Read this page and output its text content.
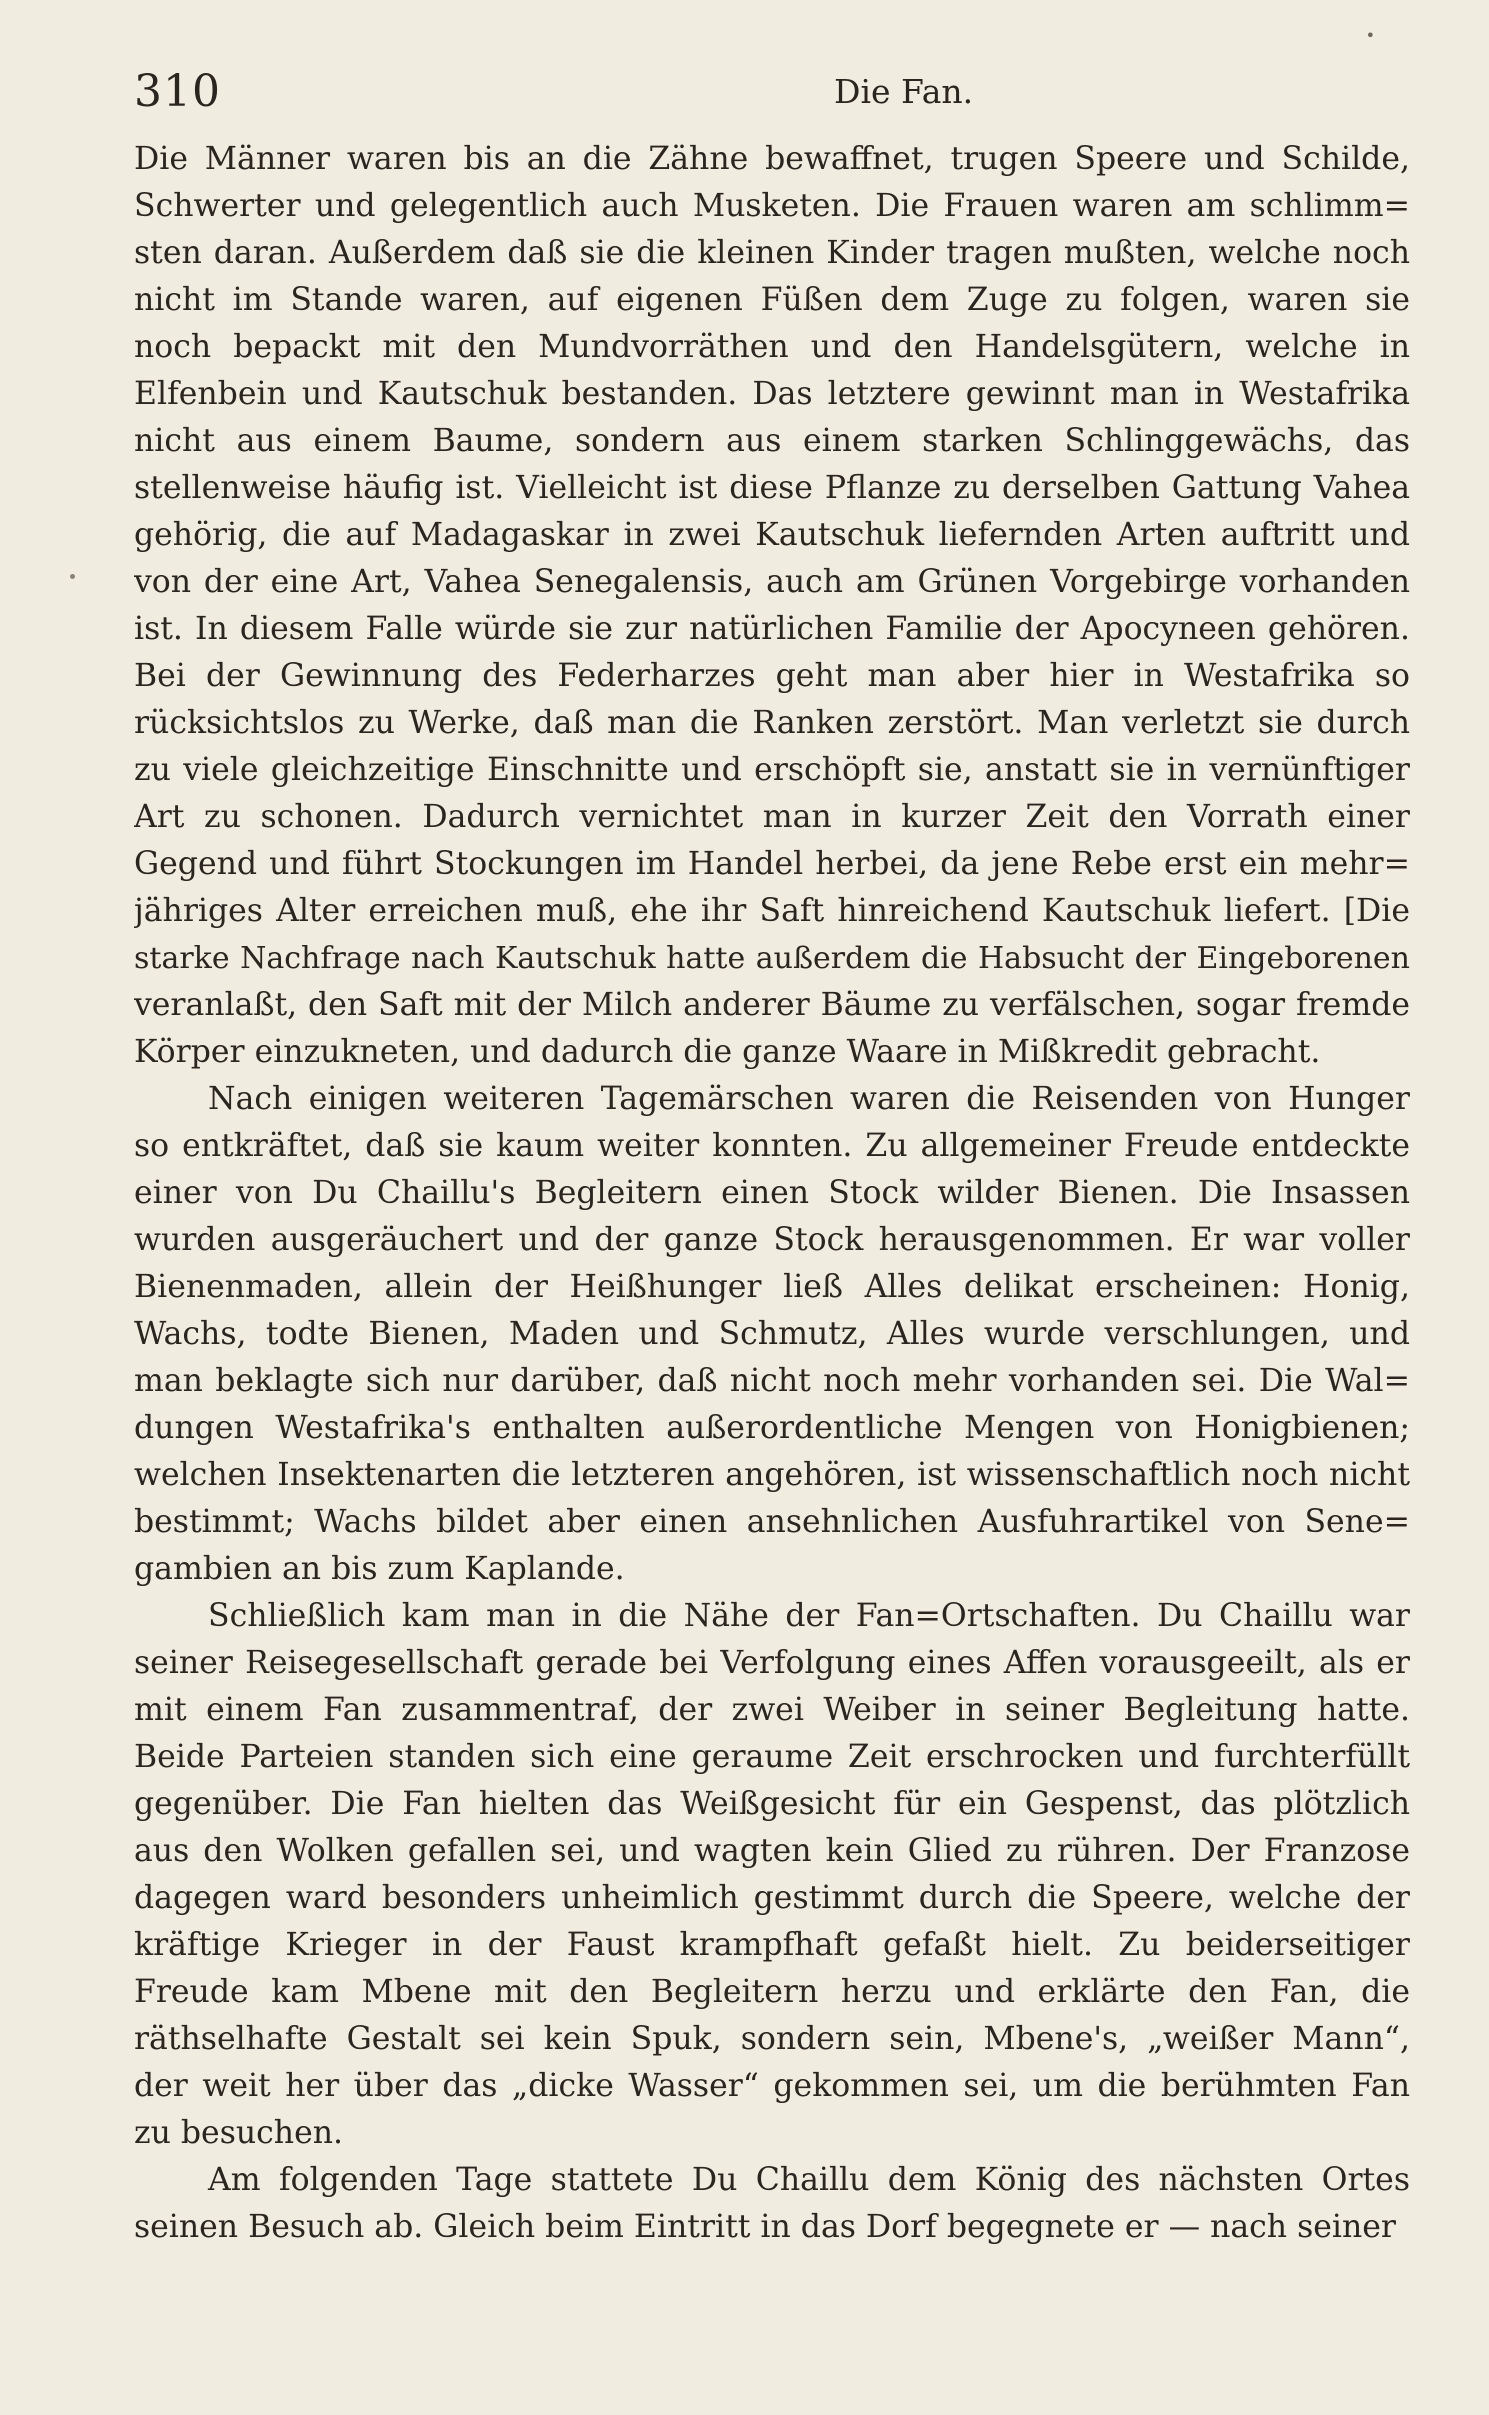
•
310	Die Fan.
Die Männer waren bis an die Zähne bewaffnet, trugen Speere und Schilde,
Schwerter und gelegentlich auch Musketen. Die Frauen waren am schlimm=
sten daran. Außerdem daß sie die kleinen Kinder tragen mußten, welche noch
nicht im Stande waren, auf eigenen Füßen dem Zuge zu folgen, waren sie
noch bepackt mit den Mundvorräthen und den Handelsgütern, welche in
Elfenbein und Kautschuk bestanden. Das letztere gewinnt man in Westafrika
nicht aus einem Baume, sondern aus einem starken Schlinggewächs, das
stellenweise häufig ist. Vielleicht ist diese Pflanze zu derselben Gattung Vahea
gehörig, die auf Madagaskar in zwei Kautschuk liefernden Arten auftritt und
von der eine Art, Vahea Senegalensis, auch am Grünen Vorgebirge vorhanden
ist. In diesem Falle würde sie zur natürlichen Familie der Apocyneen gehören.
Bei der Gewinnung des Federharzes geht man aber hier in Westafrika so
rücksichtslos zu Werke, daß man die Ranken zerstört. Man verletzt sie durch
zu viele gleichzeitige Einschnitte und erschöpft sie, anstatt sie in vernünftiger
Art zu schonen. Dadurch vernichtet man in kurzer Zeit den Vorrath einer
Gegend und führt Stockungen im Handel herbei, da jene Rebe erst ein mehr=
jähriges Alter erreichen muß, ehe ihr Saft hinreichend Kautschuk liefert. [Die
starke Nachfrage nach Kautschuk hatte außerdem die Habsucht der Eingeborenen
veranlaßt, den Saft mit der Milch anderer Bäume zu verfälschen, sogar fremde
Körper einzukneten, und dadurch die ganze Waare in Mißkredit gebracht.
Nach einigen weiteren Tagemärschen waren die Reisenden von Hunger
so entkräftet, daß sie kaum weiter konnten. Zu allgemeiner Freude entdeckte
einer von Du Chaillu's Begleitern einen Stock wilder Bienen. Die Insassen
wurden ausgeräuchert und der ganze Stock herausgenommen. Er war voller
Bienenmaden, allein der Heißhunger ließ Alles delikat erscheinen: Honig,
Wachs, todte Bienen, Maden und Schmutz, Alles wurde verschlungen, und
man beklagte sich nur darüber, daß nicht noch mehr vorhanden sei. Die Wal=
dungen Westafrika's enthalten außerordentliche Mengen von Honigbienen;
welchen Insektenarten die letzteren angehören, ist wissenschaftlich noch nicht
bestimmt; Wachs bildet aber einen ansehnlichen Ausfuhrartikel von Sene=
gambien an bis zum Kaplande.
Schließlich kam man in die Nähe der Fan=Ortschaften. Du Chaillu war
seiner Reisegesellschaft gerade bei Verfolgung eines Affen vorausgeeilt, als er
mit einem Fan zusammentraf, der zwei Weiber in seiner Begleitung hatte.
Beide Parteien standen sich eine geraume Zeit erschrocken und furchterfüllt
gegenüber. Die Fan hielten das Weißgesicht für ein Gespenst, das plötzlich
aus den Wolken gefallen sei, und wagten kein Glied zu rühren. Der Franzose
dagegen ward besonders unheimlich gestimmt durch die Speere, welche der
kräftige Krieger in der Faust krampfhaft gefaßt hielt. Zu beiderseitiger
Freude kam Mbene mit den Begleitern herzu und erklärte den Fan, die
räthselhafte Gestalt sei kein Spuk, sondern sein, Mbene's, „weißer Mann“,
der weit her über das „dicke Wasser“ gekommen sei, um die berühmten Fan
zu besuchen.
Am folgenden Tage stattete Du Chaillu dem König des nächsten Ortes
seinen Besuch ab. Gleich beim Eintritt in das Dorf begegnete er — nach seiner
